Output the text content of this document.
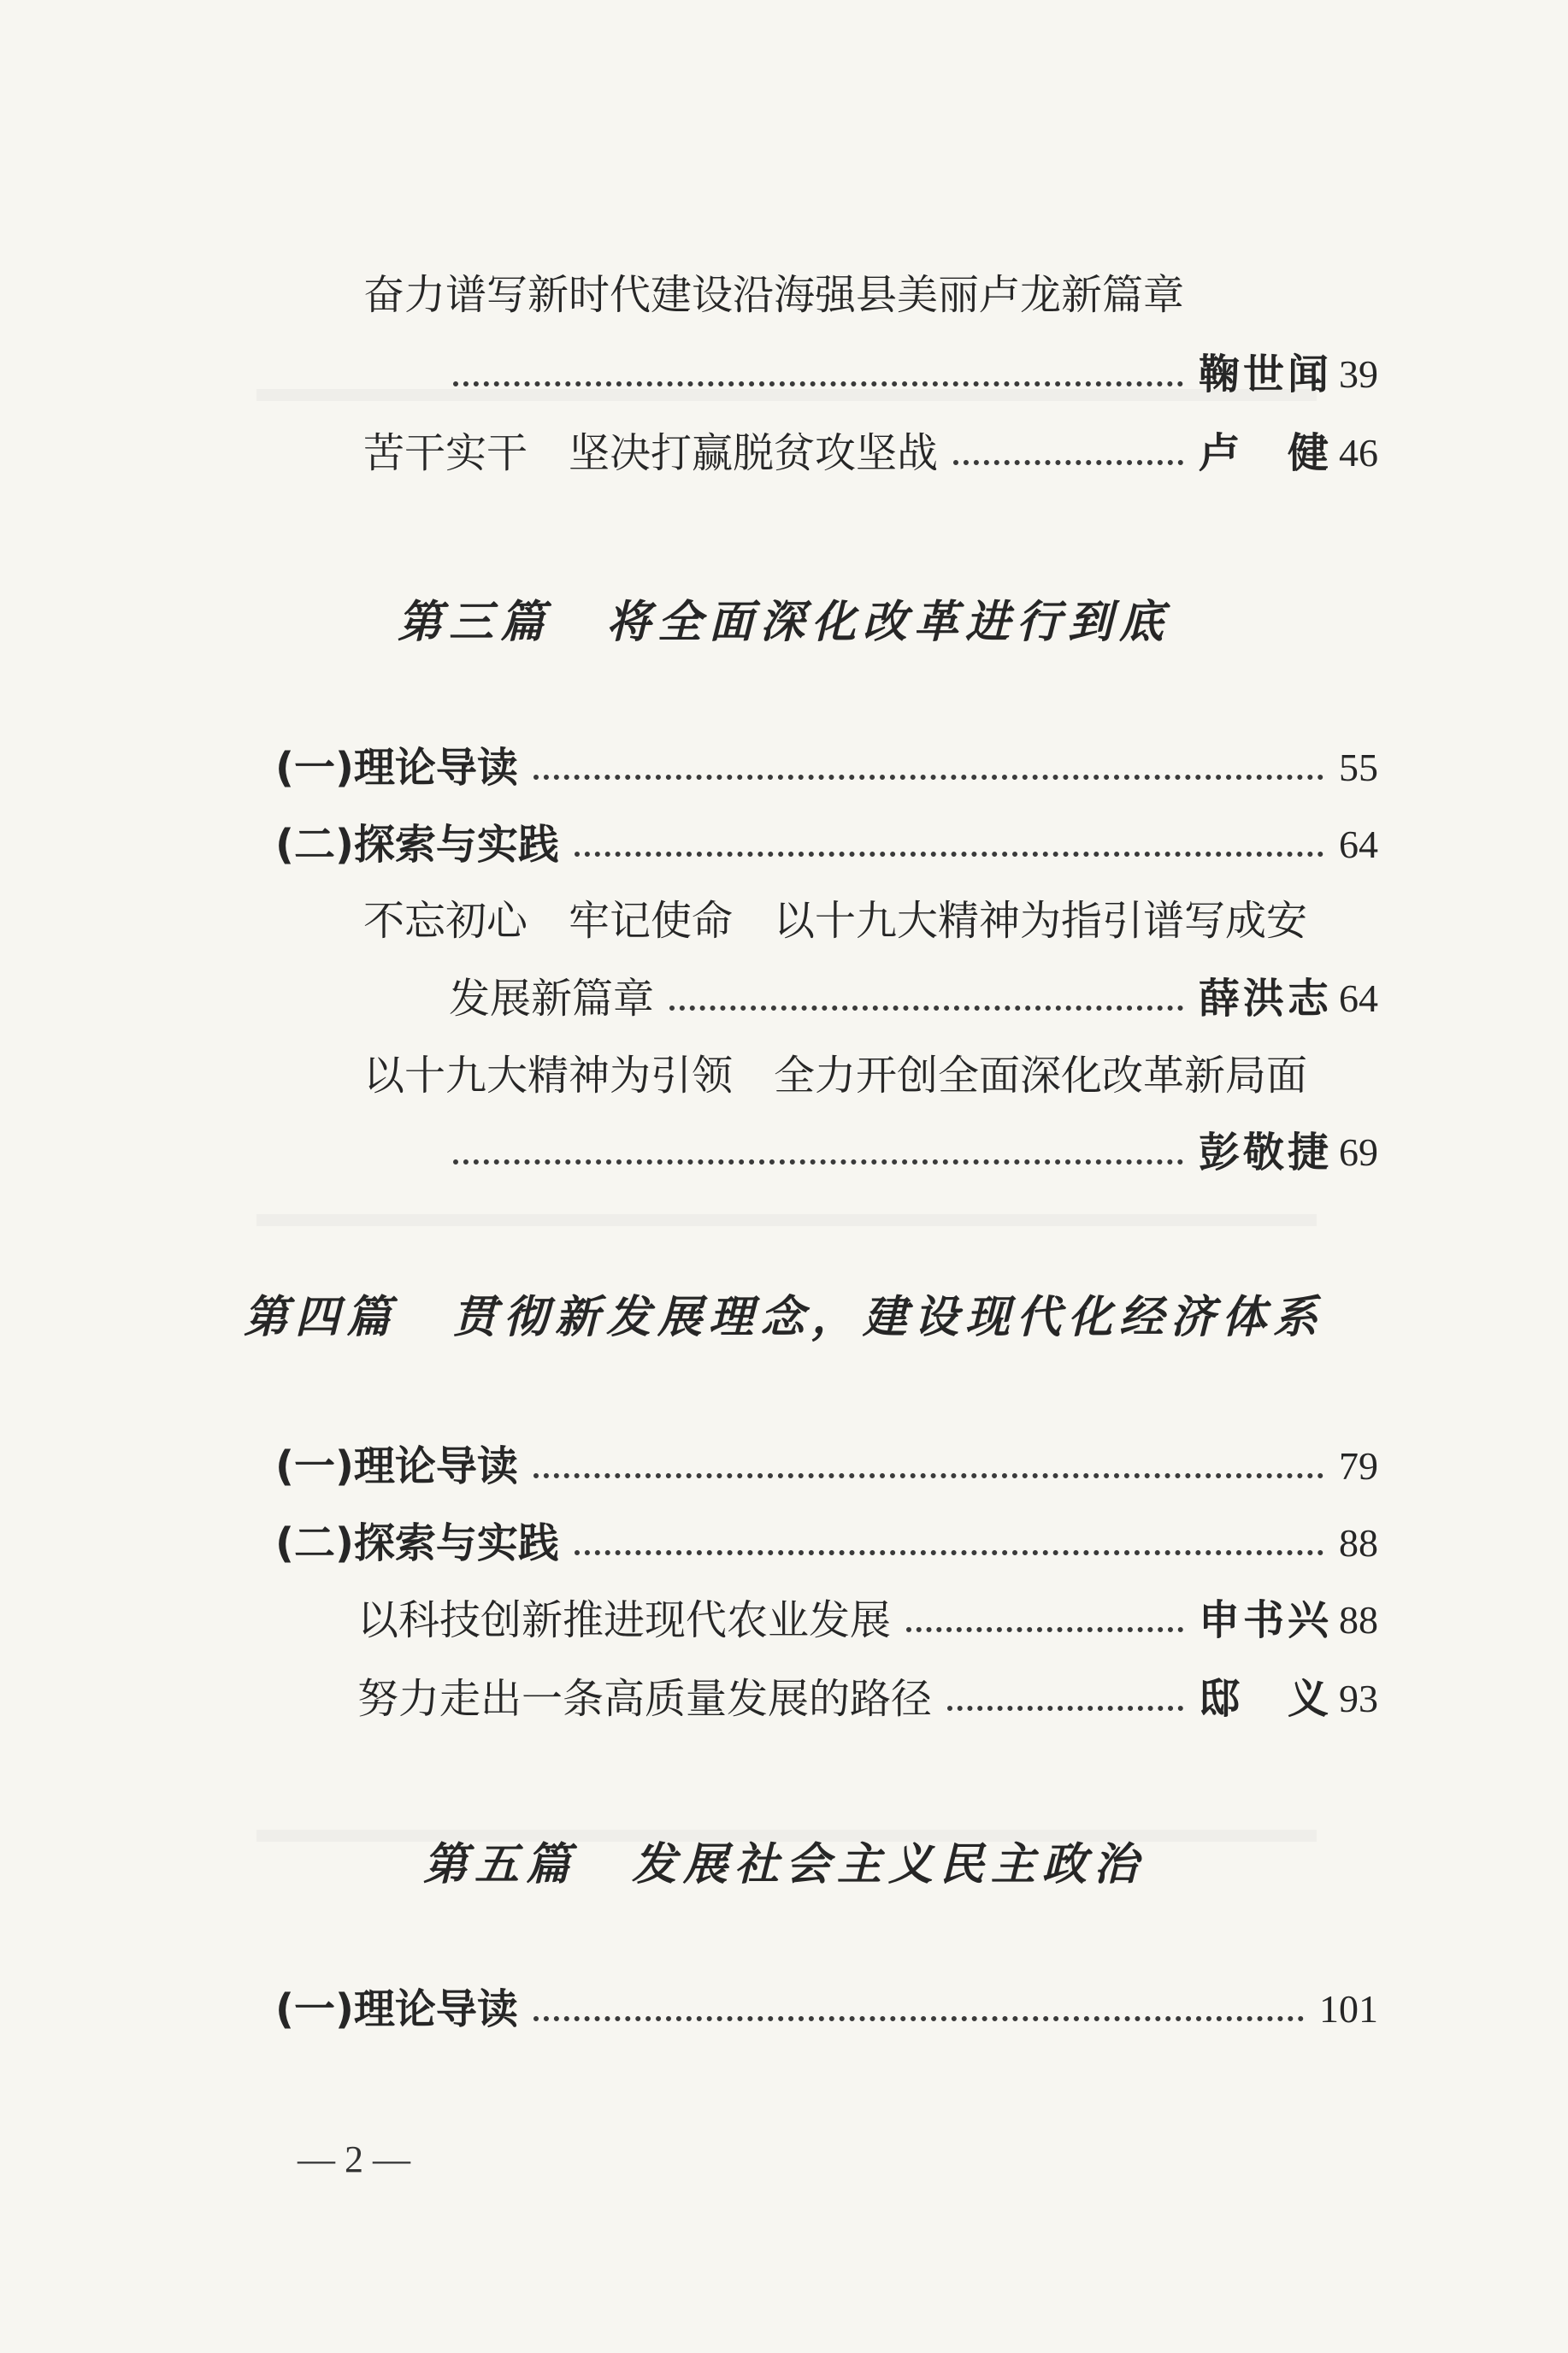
奋力谱写新时代建设沿海强县美丽卢龙新篇章
鞠世闻 39
苦干实干　坚决打赢脱贫攻坚战	卢　健 46
第三篇 将全面深化改革进行到底
(一)理论导读	55
(二)探索与实践	64
不忘初心　牢记使命　以十九大精神为指引谱写成安
发展新篇章	薛洪志 64
以十九大精神为引领　全力开创全面深化改革新局面
彭敬捷 69
第四篇 贯彻新发展理念，建设现代化经济体系
(一)理论导读	79
(二)探索与实践	88
以科技创新推进现代农业发展	申书兴 88
努力走出一条高质量发展的路径	邸　义 93
第五篇 发展社会主义民主政治
(一)理论导读	101
— 2 —
